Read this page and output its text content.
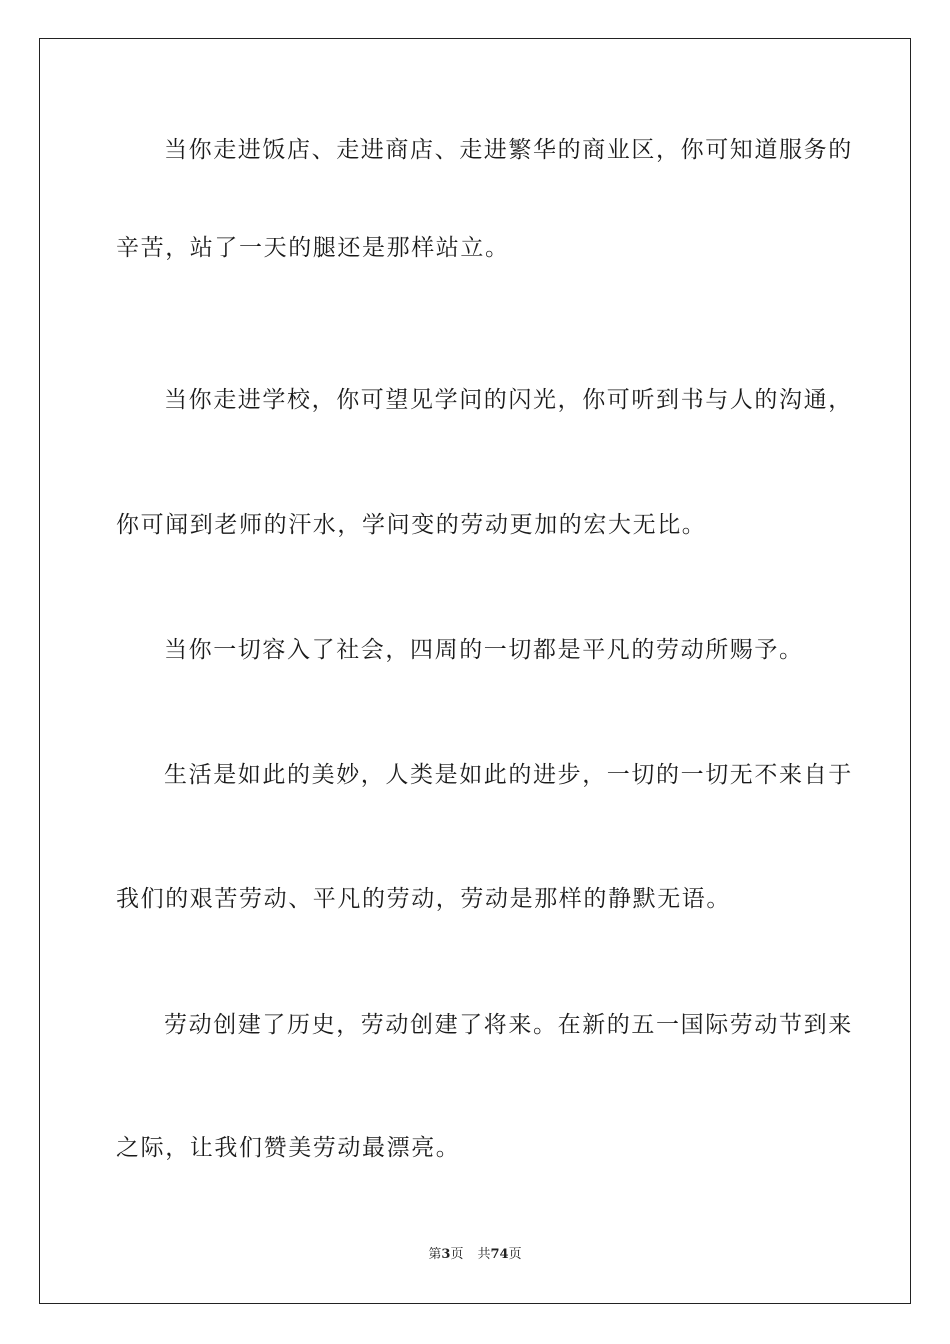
当你走进饭店、走进商店、走进繁华的商业区，你可知道服务的

辛苦，站了一天的腿还是那样站立。

当你走进学校，你可望见学问的闪光，你可听到书与人的沟通，

你可闻到老师的汗水，学问变的劳动更加的宏大无比。

当你一切容入了社会，四周的一切都是平凡的劳动所赐予。

生活是如此的美妙，人类是如此的进步，一切的一切无不来自于

我们的艰苦劳动、平凡的劳动，劳动是那样的静默无语。

劳动创建了历史，劳动创建了将来。在新的五一国际劳动节到来

之际，让我们赞美劳动最漂亮。

第3页 共74页
